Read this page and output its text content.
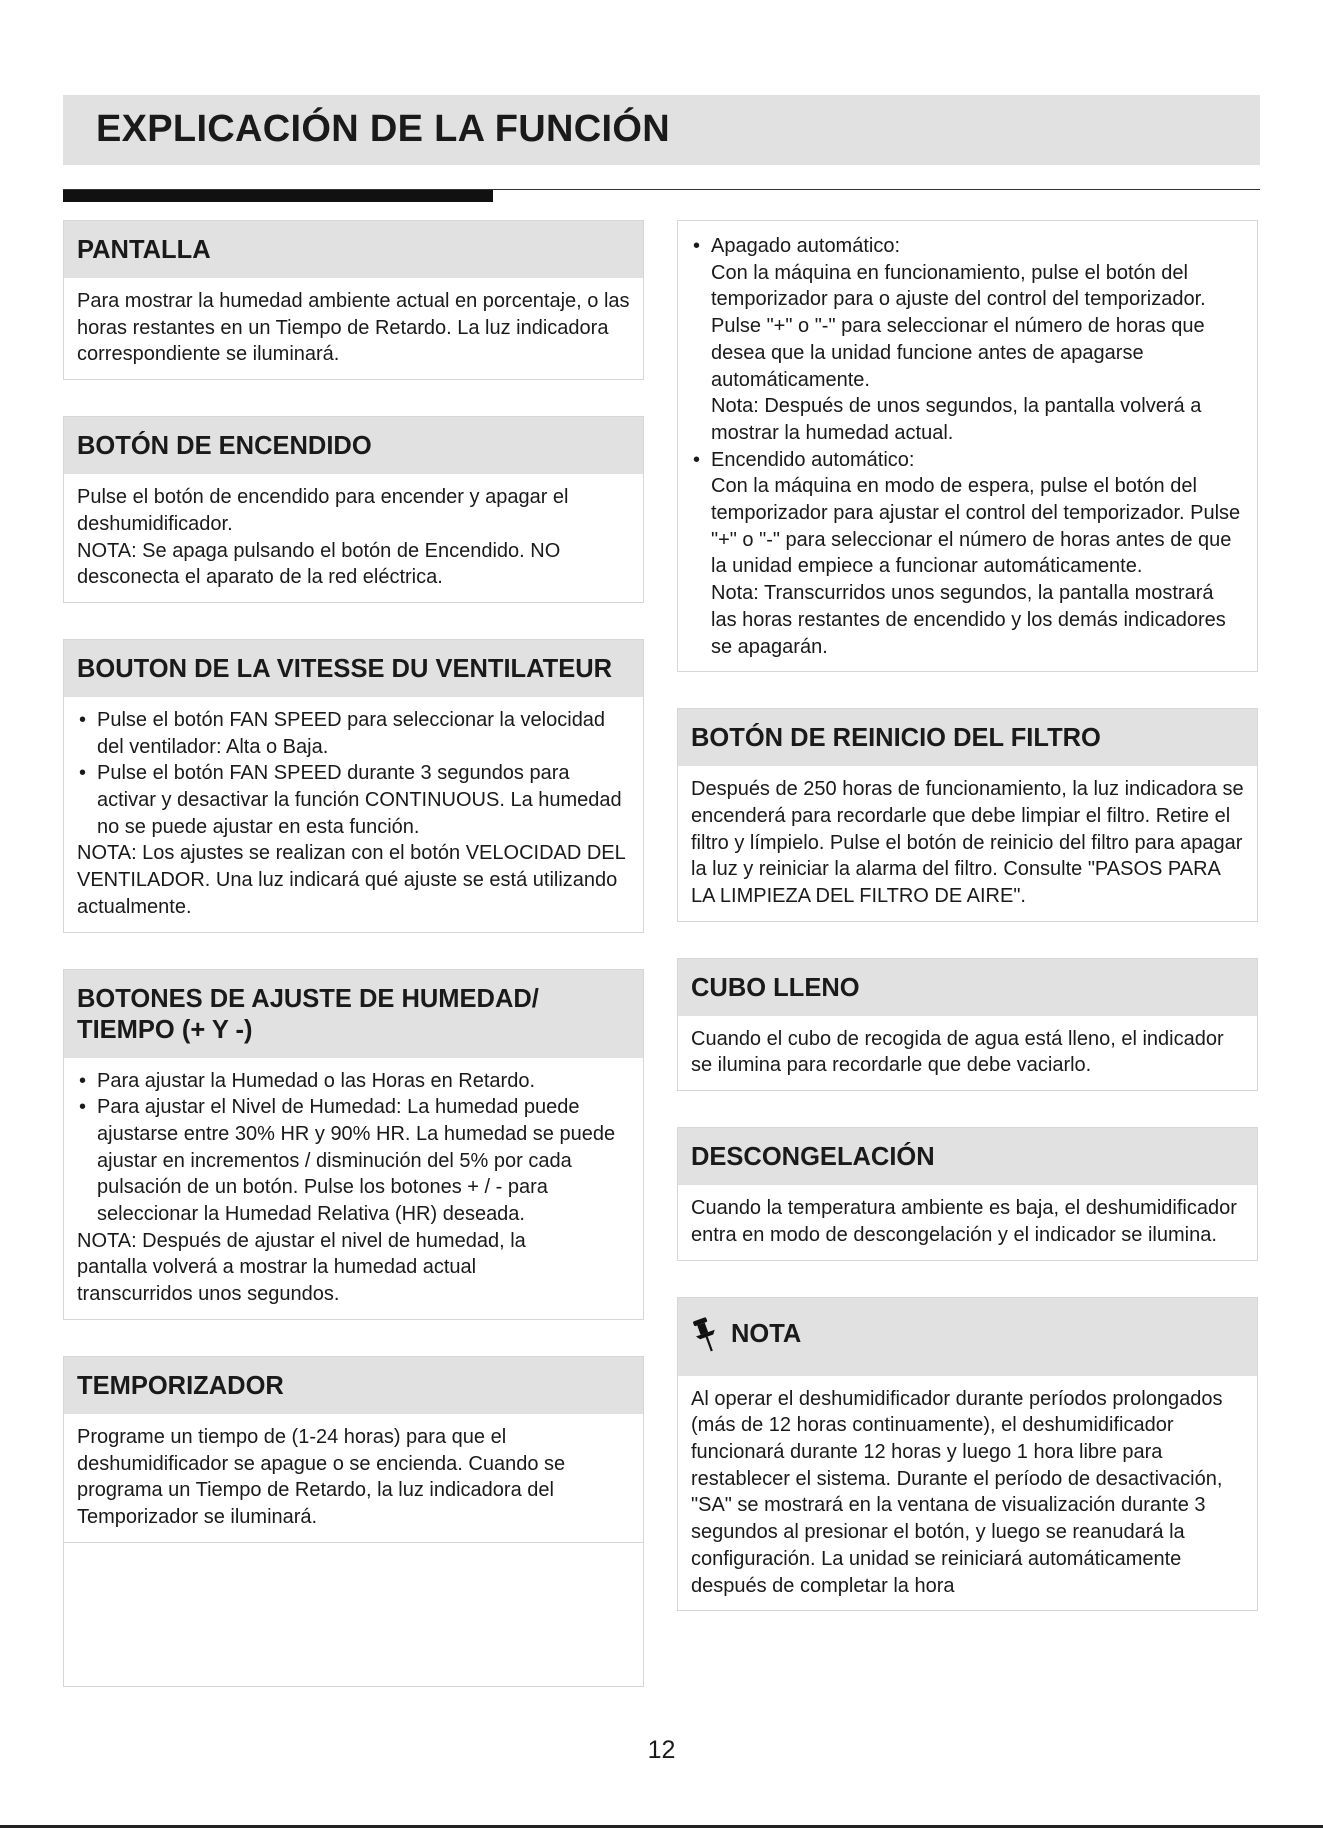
EXPLICACIÓN DE LA FUNCIÓN
PANTALLA

Para mostrar la humedad ambiente actual en porcentaje, o las horas restantes en un Tiempo de Retardo. La luz indicadora correspondiente se iluminará.

BOTÓN DE ENCENDIDO

Pulse el botón de encendido para encender y apagar el deshumidificador.

NOTA: Se apaga pulsando el botón de Encendido. NO desconecta el aparato de la red eléctrica.

BOUTON DE LA VITESSE DU VENTILATEUR
• Pulse el botón FAN SPEED para seleccionar la velocidad del ventilador: Alta o Baja.
• Pulse el botón FAN SPEED durante 3 segundos para activar y desactivar la función CONTINUOUS. La humedad no se puede ajustar en esta función.

NOTA: Los ajustes se realizan con el botón VELOCIDAD DEL VENTILADOR. Una luz indicará qué ajuste se está utilizando actualmente.

BOTONES DE AJUSTE DE HUMEDAD/ TIEMPO (+ Y -)
• Para ajustar la Humedad o las Horas en Retardo.
• Para ajustar el Nivel de Humedad: La humedad puede ajustarse entre 30% HR y 90% HR. La humedad se puede ajustar en incrementos / disminución del 5% por cada pulsación de un botón. Pulse los botones + / - para seleccionar la Humedad Relativa (HR) deseada.

NOTA: Después de ajustar el nivel de humedad, la pantalla volverá a mostrar la humedad actual transcurridos unos segundos.

TEMPORIZADOR

Programe un tiempo de (1-24 horas) para que el deshumidificador se apague o se encienda. Cuando se programa un Tiempo de Retardo, la luz indicadora del Temporizador se iluminará.

• Apagado automático:
Con la máquina en funcionamiento, pulse el botón del temporizador para o ajuste del control del temporizador. Pulse "+" o "-" para seleccionar el número de horas que desea que la unidad funcione antes de apagarse automáticamente.
Nota: Después de unos segundos, la pantalla volverá a mostrar la humedad actual.
• Encendido automático:
Con la máquina en modo de espera, pulse el botón del temporizador para ajustar el control del temporizador. Pulse "+" o "-" para seleccionar el número de horas antes de que la unidad empiece a funcionar automáticamente.
Nota: Transcurridos unos segundos, la pantalla mostrará las horas restantes de encendido y los demás indicadores se apagarán.
BOTÓN DE REINICIO DEL FILTRO

Después de 250 horas de funcionamiento, la luz indicadora se encenderá para recordarle que debe limpiar el filtro. Retire el filtro y límpielo. Pulse el botón de reinicio del filtro para apagar la luz y reiniciar la alarma del filtro. Consulte "PASOS PARA LA LIMPIEZA DEL FILTRO DE AIRE".

CUBO LLENO

Cuando el cubo de recogida de agua está lleno, el indicador se ilumina para recordarle que debe vaciarlo.

DESCONGELACIÓN

Cuando la temperatura ambiente es baja, el deshumidificador entra en modo de descongelación y el indicador se ilumina.

NOTA

Al operar el deshumidificador durante períodos prolongados (más de 12 horas continuamente), el deshumidificador funcionará durante 12 horas y luego 1 hora libre para restablecer el sistema. Durante el período de desactivación, "SA" se mostrará en la ventana de visualización durante 3 segundos al presionar el botón, y luego se reanudará la configuración. La unidad se reiniciará automáticamente después de completar la hora

12
